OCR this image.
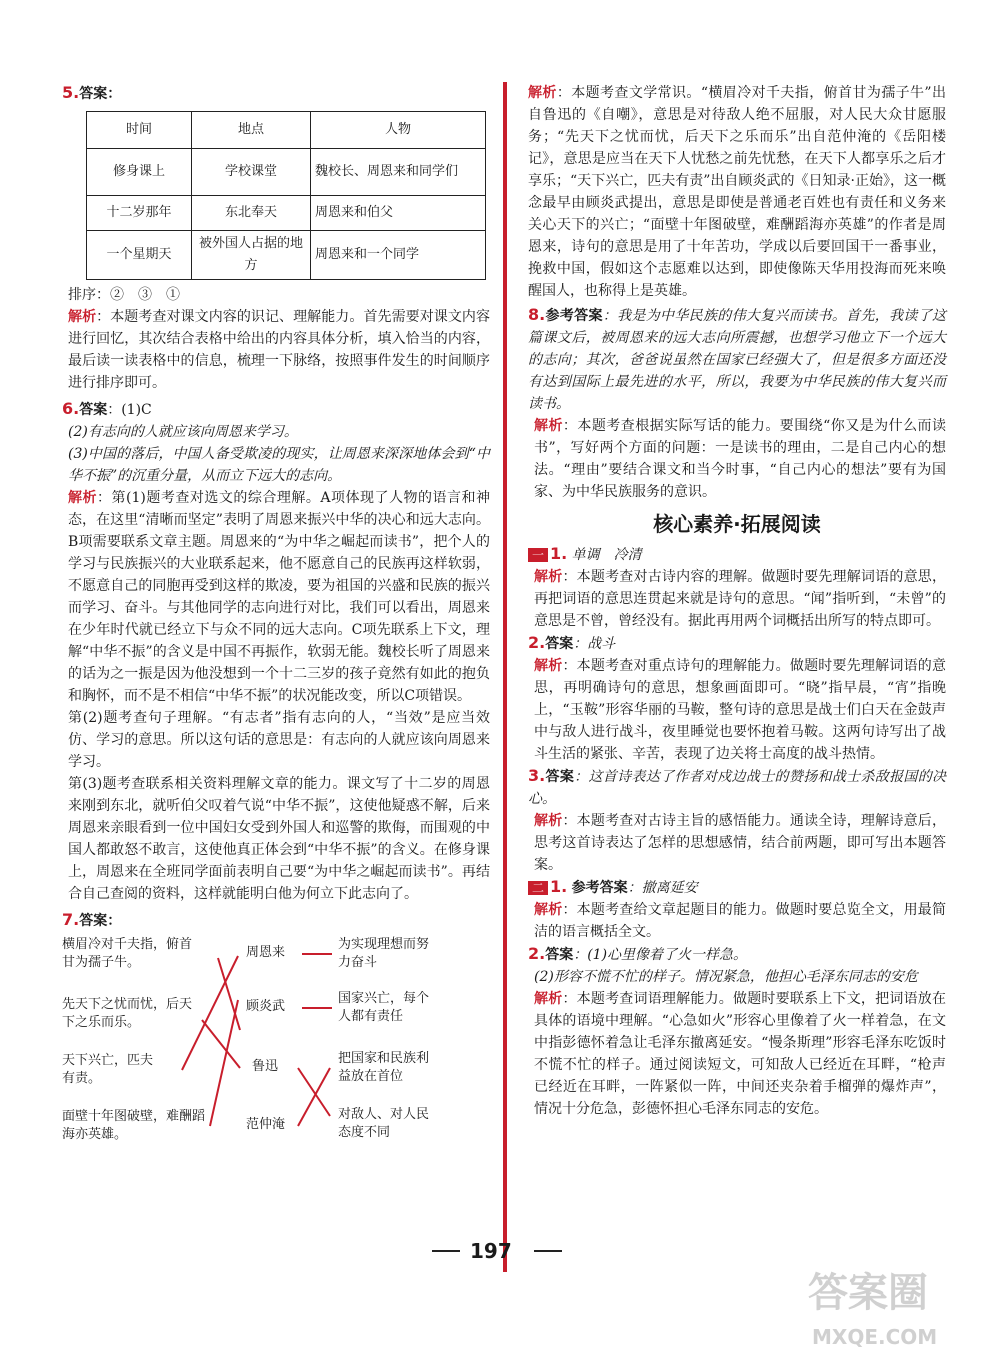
5.答案：
时间	地点	人物
修身课上	学校课堂	魏校长、周恩来和同学们
十二岁那年	东北奉天	周恩来和伯父
一个星期天	被外国人占据的地方	周恩来和一个同学

排序：②　③　①

解析：本题考查对课文内容的识记、理解能力。首先需要对课文内容进行回忆，其次结合表格中给出的内容具体分析，填入恰当的内容，最后读一读表格中的信息，梳理一下脉络，按照事件发生的时间顺序进行排序即可。

6.答案：(1)C

(2)有志向的人就应该向周恩来学习。

(3)中国的落后，中国人备受欺凌的现实，让周恩来深深地体会到“中华不振”的沉重分量，从而立下远大的志向。

解析：第(1)题考查对选文的综合理解。A项体现了人物的语言和神态，在这里“清晰而坚定”表明了周恩来振兴中华的决心和远大志向。B项需要联系文章主题。周恩来的“为中华之崛起而读书”，把个人的学习与民族振兴的大业联系起来，他不愿意自己的民族再这样软弱，不愿意自己的同胞再受到这样的欺凌，要为祖国的兴盛和民族的振兴而学习、奋斗。与其他同学的志向进行对比，我们可以看出，周恩来在少年时代就已经立下与众不同的远大志向。C项先联系上下文，理解“中华不振”的含义是中国不再振作，软弱无能。魏校长听了周恩来的话为之一振是因为他没想到一个十二三岁的孩子竟然有如此的抱负和胸怀，而不是不相信“中华不振”的状况能改变，所以C项错误。

第(2)题考查句子理解。“有志者”指有志向的人，“当效”是应当效仿、学习的意思。所以这句话的意思是：有志向的人就应该向周恩来学习。

第(3)题考查联系相关资料理解文章的能力。课文写了十二岁的周恩来刚到东北，就听伯父叹着气说“中华不振”，这使他疑惑不解，后来周恩来亲眼看到一位中国妇女受到外国人和巡警的欺侮，而围观的中国人都敢怒不敢言，这使他真正体会到“中华不振”的含义。在修身课上，周恩来在全班同学面前表明自己要“为中华之崛起而读书”。再结合自己查阅的资料，这样就能明白他为何立下此志向了。

7.答案：

横眉冷对千夫指，俯首甘为孺子牛。
先天下之忧而忧，后天下之乐而乐。
天下兴亡，匹夫有责。
面壁十年图破壁，难酬蹈海亦英雄。
周恩来
顾炎武
鲁迅
范仲淹
为实现理想而努力奋斗
国家兴亡，每个人都有责任
把国家和民族利益放在首位
对敌人、对人民态度不同

解析：本题考查文学常识。“横眉冷对千夫指，俯首甘为孺子牛”出自鲁迅的《自嘲》，意思是对待敌人绝不屈服，对人民大众甘愿服务；“先天下之忧而忧，后天下之乐而乐”出自范仲淹的《岳阳楼记》，意思是应当在天下人忧愁之前先忧愁，在天下人都享乐之后才享乐；“天下兴亡，匹夫有责”出自顾炎武的《日知录·正始》，这一概念最早由顾炎武提出，意思是即使是普通老百姓也有责任和义务来关心天下的兴亡；“面壁十年图破壁，难酬蹈海亦英雄”的作者是周恩来，诗句的意思是用了十年苦功，学成以后要回国干一番事业，挽救中国，假如这个志愿难以达到，即使像陈天华用投海而死来唤醒国人，也称得上是英雄。

8.参考答案：我是为中华民族的伟大复兴而读书。首先，我读了这篇课文后，被周恩来的远大志向所震撼，也想学习他立下一个远大的志向；其次，爸爸说虽然在国家已经强大了，但是很多方面还没有达到国际上最先进的水平，所以，我要为中华民族的伟大复兴而读书。

解析：本题考查根据实际写话的能力。要围绕“你又是为什么而读书”，写好两个方面的问题：一是读书的理由，二是自己内心的想法。“理由”要结合课文和当今时事，“自己内心的想法”要有为国家、为中华民族服务的意识。

核心素养·拓展阅读

一 1. 单调　冷清

解析：本题考查对古诗内容的理解。做题时要先理解词语的意思，再把词语的意思连贯起来就是诗句的意思。“闻”指听到，“未曾”的意思是不曾，曾经没有。据此再用两个词概括出所写的特点即可。

2.答案：战斗

解析：本题考查对重点诗句的理解能力。做题时要先理解词语的意思，再明确诗句的意思，想象画面即可。“晓”指早晨，“宵”指晚上，“玉鞍”形容华丽的马鞍，整句诗的意思是战士们白天在金鼓声中与敌人进行战斗，夜里睡觉也要怀抱着马鞍。这两句诗写出了战斗生活的紧张、辛苦，表现了边关将士高度的战斗热情。

3.答案：这首诗表达了作者对戍边战士的赞扬和战士杀敌报国的决心。

解析：本题考查对古诗主旨的感悟能力。通读全诗，理解诗意后，思考这首诗表达了怎样的思想感情，结合前两题，即可写出本题答案。

二 1. 参考答案：撤离延安

解析：本题考查给文章起题目的能力。做题时要总览全文，用最简洁的语言概括全文。

2.答案：(1)心里像着了火一样急。

(2)形容不慌不忙的样子。情况紧急，他担心毛泽东同志的安危

解析：本题考查词语理解能力。做题时要联系上下文，把词语放在具体的语境中理解。“心急如火”形容心里像着了火一样着急，在文中指彭德怀着急让毛泽东撤离延安。“慢条斯理”形容毛泽东吃饭时不慌不忙的样子。通过阅读短文，可知敌人已经近在耳畔，“枪声已经近在耳畔，一阵紧似一阵，中间还夹杂着手榴弹的爆炸声”，情况十分危急，彭德怀担心毛泽东同志的安危。

197
答案圈
MXQE.COM
